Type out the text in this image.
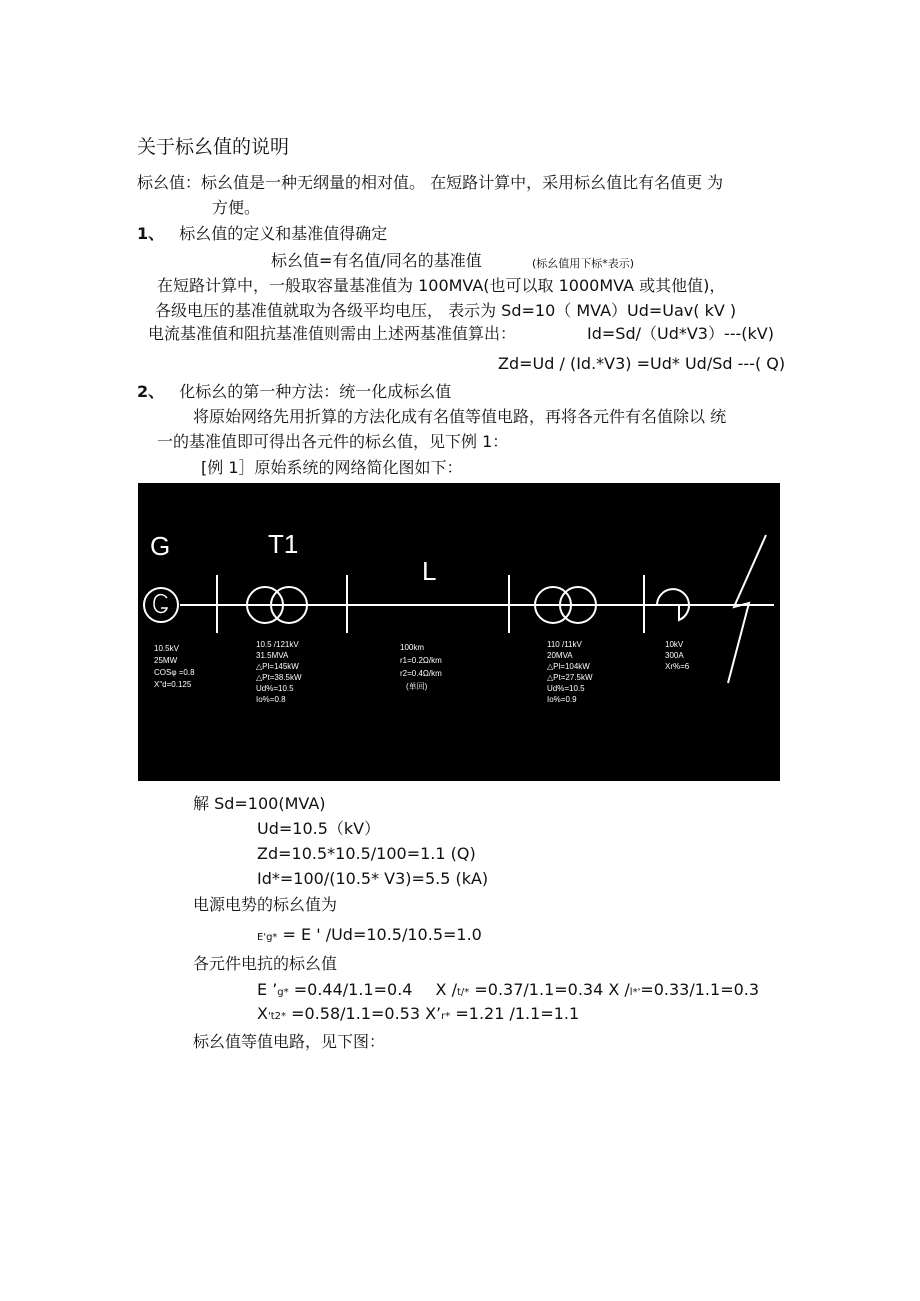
关于标幺值的说明
标幺值：标幺值是一种无纲量的相对值。 在短路计算中，采用标幺值比有名值更 为
方便。
1、 标幺值的定义和基准值得确定
标幺值=有名值/同名的基准值	(标幺值用下标*表示)
在短路计算中，一般取容量基准值为 100MVA(也可以取 1000MVA 或其他值)，
各级电压的基准值就取为各级平均电压， 表示为 Sd=10（ MVA）Ud=Uav( kV )
电流基准值和阻抗基准值则需由上述两基准值算出：	Id=Sd/（Ud*V3）---(kV)
Zd=Ud / (Id.*V3) =Ud* Ud/Sd ---( Q)
2、 化标幺的第一种方法：统一化成标幺值
将原始网络先用折算的方法化成有名值等值电路，再将各元件有名值除以 统
一的基准值即可得出各元件的标幺值，见下例 1：
[例 1］原始系统的网络简化图如下：
G	T1
L
10.5kV
25MW
COSφ =0.8
X"d=0.125
10.5 /121kV
31.5MVA
△Pl=145kW
△Pt=38.5kW
Ud%=10.5
Io%=0.8
100km
r1=0.2Ω/km
r2=0.4Ω/km
(单回)
110 /11kV
20MVA
△Pl=104kW
△Pt=27.5kW
Ud%=10.5
Io%=0.9
10kV
300A
Xr%=6
解 Sd=100(MVA)
Ud=10.5（kV）
Zd=10.5*10.5/100=1.1 (Q)
Id*=100/(10.5* V3)=5.5 (kA)
电源电势的标幺值为
E'g* = E ' /Ud=10.5/10.5=1.0
各元件电抗的标幺值
E ’g* =0.44/1.1=0.4 X /t/* =0.37/1.1=0.34 X /l*'=0.33/1.1=0.3
X't2* =0.58/1.1=0.53 X’r* =1.21 /1.1=1.1
标幺值等值电路，见下图：
